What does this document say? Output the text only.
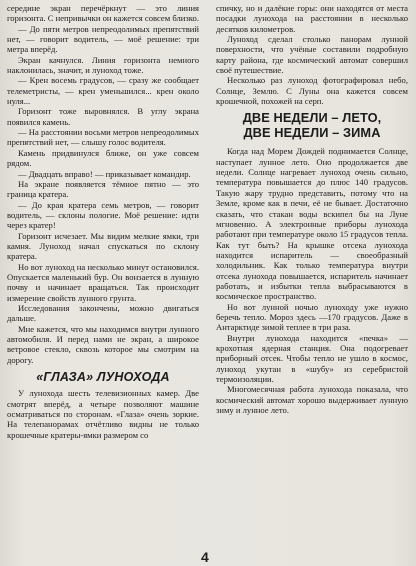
середине экран перечёркнут — это линия горизонта. С непривычки он кажется совсем близко.

— До пяти метров непреодолимых препятствий нет, — говорит водитель, — моё решение: три метра вперёд.

Экран качнулся. Линия горизонта немного наклонилась, значит, и луноход тоже.

— Крен восемь градусов, — сразу же сообщает телеметристы, — крен уменьшился... крен около нуля...

Горизонт тоже выровнялся. В углу экрана появился камень.

— На расстоянии восьми метров непреодолимых препятствий нет, — слышу голос водителя.

Камень придвинулся ближе, он уже совсем рядом.

— Двадцать вправо! — приказывает командир.

На экране появляется тёмное пятно — это граница кратера.

— До края кратера семь метров, — говорит водитель, — склоны пологие. Моё решение: идти через кратер!

Горизонт исчезает. Мы видим мелкие ямки, три камня. Луноход начал спускаться по склону кратера.

Но вот луноход на несколько минут остановился. Опускается маленький бур. Он вонзается в лунную почву и начинает вращаться. Так происходит измерение свойств лунного грунта.

Исследования закончены, можно двигаться дальше.

Мне кажется, что мы находимся внутри лунного автомобиля. И перед нами не экран, а широкое ветровое стекло, сквозь которое мы смотрим на дорогу.

«ГЛАЗА» ЛУНОХОДА

У лунохода шесть телевизионных камер. Две смотрят вперёд, а четыре позволяют машине осматриваться по сторонам. «Глаза» очень зоркие. На телепанорамах отчётливо видны не только крошечные кратеры-ямки размером со

спичку, но и далёкие горы: они находятся от места посадки лунохода на расстоянии в несколько десятков километров.

Луноход сделал столько панорам лунной поверхности, что учёные составили подробную карту района, где космический автомат совершил своё путешествие.

Несколько раз луноход фотографировал небо, Солнце, Землю. С Луны она кажется совсем крошечной, похожей на серп.

ДВЕ НЕДЕЛИ – ЛЕТО,
ДВЕ НЕДЕЛИ – ЗИМА

Когда над Морем Дождей поднимается Солнце, наступает лунное лето. Оно продолжается две недели. Солнце нагревает луноход очень сильно, температура повышается до плюс 140 градусов. Такую жару трудно представить, потому что на Земле, кроме как в печи, её не бывает. Достаточно сказать, что стакан воды вскипел бы на Луне мгновенно. А электронные приборы лунохода работают при температуре около 15 градусов тепла. Как тут быть? На крышке отсека лунохода находится испаритель — своеобразный холодильник. Как только температура внутри отсека лунохода повышается, испаритель начинает работать, и избытки тепла выбрасываются в космическое пространство.

Но вот лунной ночью луноходу уже нужно беречь тепло. Мороз здесь —170 градусов. Даже в Антарктиде зимой теплее в три раза.

Внутри лунохода находится «печка» — крохотная ядерная станция. Она подогревает приборный отсек. Чтобы тепло не ушло в космос, луноход укутан в «шубу» из серебристой термоизоляции.

Многомесячная работа лунохода показала, что космический автомат хорошо выдерживает лунную зиму и лунное лето.

4
